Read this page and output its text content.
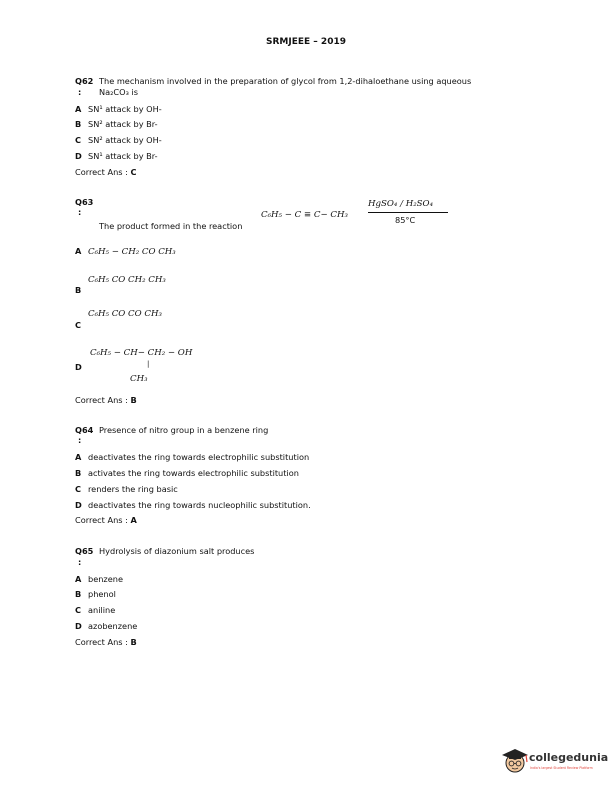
SRMJEEE – 2019
Q62
:
The mechanism involved in the preparation of glycol from 1,2-dihaloethane using aqueous
Na₂CO₃ is
A SN¹ attack by OH-
B SN² attack by Br-
C SN² attack by OH-
D SN¹ attack by Br-
Correct Ans : C
Q63
:
The product formed in the reaction
C₆H₅ − C ≡ C− CH₃
HgSO₄ / H₂SO₄
85°C
A C₆H₅ − CH₂ CO CH₃
B
C₆H₅ CO CH₂ CH₃
C
C₆H₅ CO CO CH₃
D
C₆H₅ − CH− CH₂ − OH
|
CH₃
Correct Ans : B
Q64
:
Presence of nitro group in a benzene ring
A deactivates the ring towards electrophilic substitution
B activates the ring towards electrophilic substitution
C renders the ring basic
D deactivates the ring towards nucleophilic substitution.
Correct Ans : A
Q65
:
Hydrolysis of diazonium salt produces
A benzene
B phenol
C aniline
D azobenzene
Correct Ans : B
collegedunia
India's largest Student Review Platform
